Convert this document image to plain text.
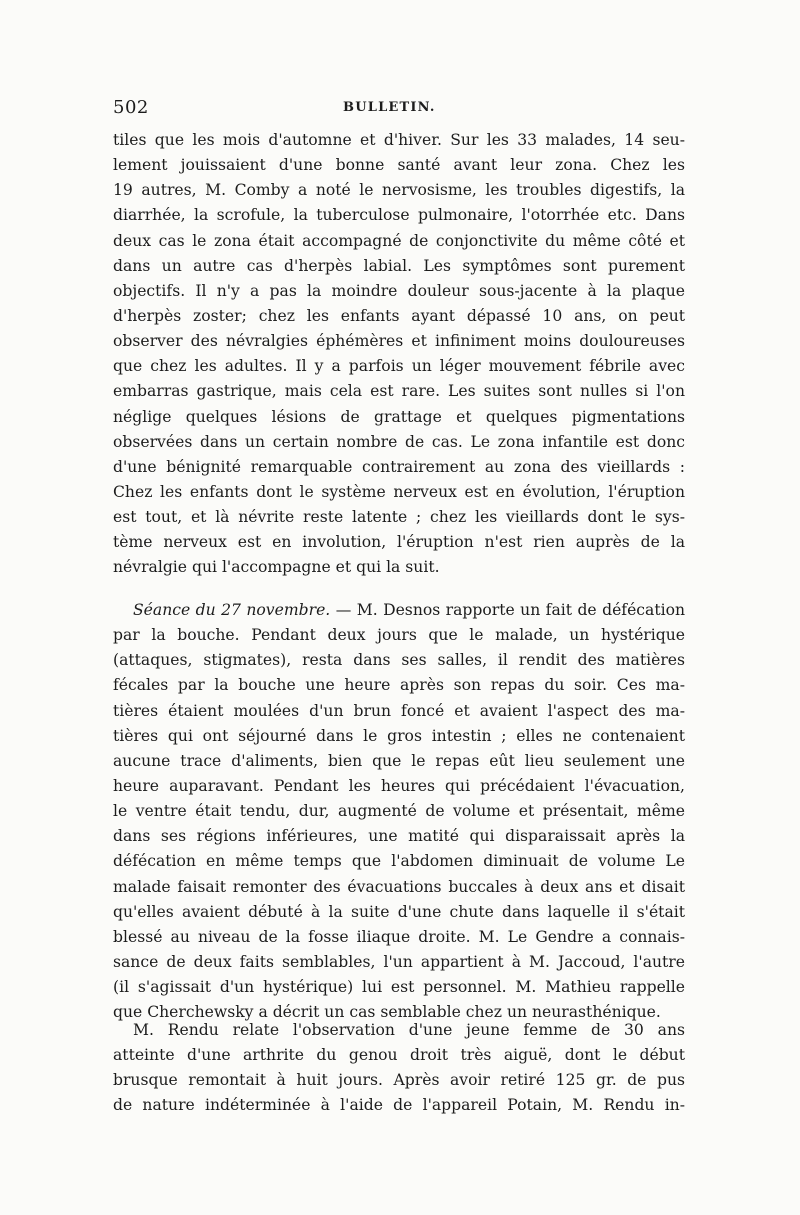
502	BULLETIN.
tiles que les mois d'automne et d'hiver. Sur les 33 malades, 14 seu-
lement jouissaient d'une bonne santé avant leur zona. Chez les
19 autres, M. Comby a noté le nervosisme, les troubles digestifs, la
diarrhée, la scrofule, la tuberculose pulmonaire, l'otorrhée etc. Dans
deux cas le zona était accompagné de conjonctivite du même côté et
dans un autre cas d'herpès labial. Les symptômes sont purement
objectifs. Il n'y a pas la moindre douleur sous-jacente à la plaque
d'herpès zoster; chez les enfants ayant dépassé 10 ans, on peut
observer des névralgies éphémères et infiniment moins douloureuses
que chez les adultes. Il y a parfois un léger mouvement fébrile avec
embarras gastrique, mais cela est rare. Les suites sont nulles si l'on
néglige quelques lésions de grattage et quelques pigmentations
observées dans un certain nombre de cas. Le zona infantile est donc
d'une bénignité remarquable contrairement au zona des vieillards :
Chez les enfants dont le système nerveux est en évolution, l'éruption
est tout, et là névrite reste latente ; chez les vieillards dont le sys-
tème nerveux est en involution, l'éruption n'est rien auprès de la
névralgie qui l'accompagne et qui la suit.
Séance du 27 novembre. — M. Desnos rapporte un fait de défécation
par la bouche. Pendant deux jours que le malade, un hystérique
(attaques, stigmates), resta dans ses salles, il rendit des matières
fécales par la bouche une heure après son repas du soir. Ces ma-
tières étaient moulées d'un brun foncé et avaient l'aspect des ma-
tières qui ont séjourné dans le gros intestin ; elles ne contenaient
aucune trace d'aliments, bien que le repas eût lieu seulement une
heure auparavant. Pendant les heures qui précédaient l'évacuation,
le ventre était tendu, dur, augmenté de volume et présentait, même
dans ses régions inférieures, une matité qui disparaissait après la
défécation en même temps que l'abdomen diminuait de volume Le
malade faisait remonter des évacuations buccales à deux ans et disait
qu'elles avaient débuté à la suite d'une chute dans laquelle il s'était
blessé au niveau de la fosse iliaque droite. M. Le Gendre a connais-
sance de deux faits semblables, l'un appartient à M. Jaccoud, l'autre
(il s'agissait d'un hystérique) lui est personnel. M. Mathieu rappelle
que Cherchewsky a décrit un cas semblable chez un neurasthénique.
M. Rendu relate l'observation d'une jeune femme de 30 ans
atteinte d'une arthrite du genou droit très aiguë, dont le début
brusque remontait à huit jours. Après avoir retiré 125 gr. de pus
de nature indéterminée à l'aide de l'appareil Potain, M. Rendu in-
